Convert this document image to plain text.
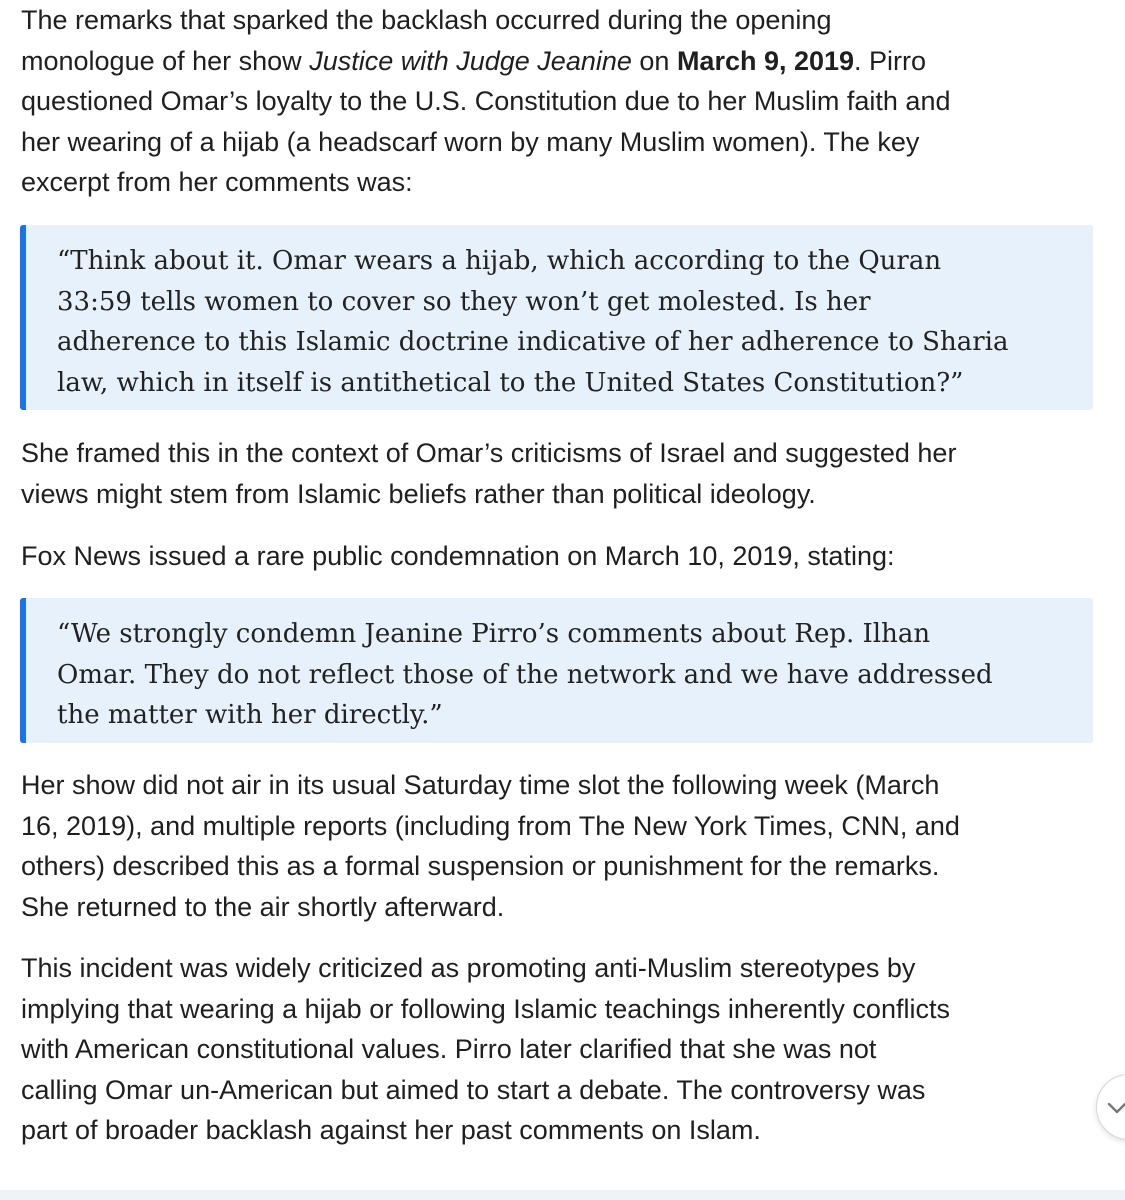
The remarks that sparked the backlash occurred during the opening
monologue of her show Justice with Judge Jeanine on March 9, 2019. Pirro
questioned Omar’s loyalty to the U.S. Constitution due to her Muslim faith and
her wearing of a hijab (a headscarf worn by many Muslim women). The key
excerpt from her comments was:

“Think about it. Omar wears a hijab, which according to the Quran
33:59 tells women to cover so they won’t get molested. Is her
adherence to this Islamic doctrine indicative of her adherence to Sharia
law, which in itself is antithetical to the United States Constitution?”

She framed this in the context of Omar’s criticisms of Israel and suggested her
views might stem from Islamic beliefs rather than political ideology.

Fox News issued a rare public condemnation on March 10, 2019, stating:

“We strongly condemn Jeanine Pirro’s comments about Rep. Ilhan
Omar. They do not reflect those of the network and we have addressed
the matter with her directly.”

Her show did not air in its usual Saturday time slot the following week (March
16, 2019), and multiple reports (including from The New York Times, CNN, and
others) described this as a formal suspension or punishment for the remarks.
She returned to the air shortly afterward.

This incident was widely criticized as promoting anti-Muslim stereotypes by
implying that wearing a hijab or following Islamic teachings inherently conflicts
with American constitutional values. Pirro later clarified that she was not
calling Omar un-American but aimed to start a debate. The controversy was
part of broader backlash against her past comments on Islam.
